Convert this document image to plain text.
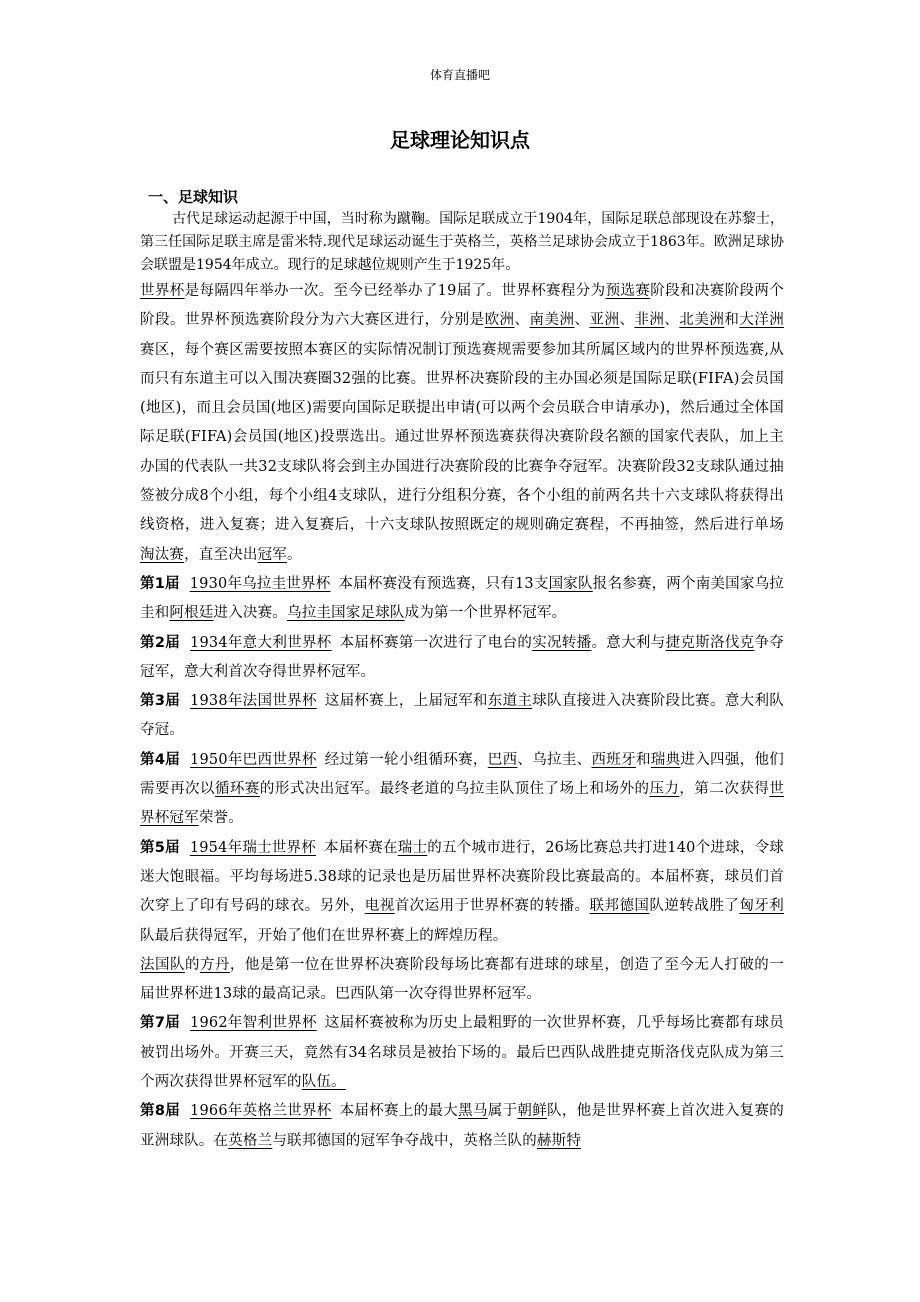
体育直播吧
足球理论知识点
一、足球知识

古代足球运动起源于中国，当时称为蹴鞠。国际足联成立于1904年，国际足联总部现设在苏黎士，第三任国际足联主席是雷米特.现代足球运动诞生于英格兰，英格兰足球协会成立于1863年。欧洲足球协会联盟是1954年成立。现行的足球越位规则产生于1925年。

世界杯是每隔四年举办一次。至今已经举办了19届了。世界杯赛程分为预选赛阶段和决赛阶段两个阶段。世界杯预选赛阶段分为六大赛区进行，分别是欧洲、南美洲、亚洲、非洲、北美洲和大洋洲赛区，每个赛区需要按照本赛区的实际情况制订预选赛规需要参加其所属区域内的世界杯预选赛,从而只有东道主可以入围决赛圈32强的比赛。世界杯决赛阶段的主办国必须是国际足联(FIFA)会员国(地区)，而且会员国(地区)需要向国际足联提出申请(可以两个会员联合申请承办)，然后通过全体国际足联(FIFA)会员国(地区)投票选出。通过世界杯预选赛获得决赛阶段名额的国家代表队，加上主办国的代表队一共32支球队将会到主办国进行决赛阶段的比赛争夺冠军。决赛阶段32支球队通过抽签被分成8个小组，每个小组4支球队，进行分组积分赛，各个小组的前两名共十六支球队将获得出线资格，进入复赛；进入复赛后，十六支球队按照既定的规则确定赛程，不再抽签，然后进行单场淘汰赛，直至决出冠军。

第1届 1930年乌拉圭世界杯 本届杯赛没有预选赛，只有13支国家队报名参赛，两个南美国家乌拉圭和阿根廷进入决赛。乌拉圭国家足球队成为第一个世界杯冠军。

第2届 1934年意大利世界杯 本届杯赛第一次进行了电台的实况转播。意大利与捷克斯洛伐克争夺冠军，意大利首次夺得世界杯冠军。

第3届 1938年法国世界杯 这届杯赛上，上届冠军和东道主球队直接进入决赛阶段比赛。意大利队夺冠。

第4届 1950年巴西世界杯 经过第一轮小组循环赛，巴西、乌拉圭、西班牙和瑞典进入四强，他们需要再次以循环赛的形式决出冠军。最终老道的乌拉圭队顶住了场上和场外的压力，第二次获得世界杯冠军荣誉。

第5届 1954年瑞士世界杯 本届杯赛在瑞士的五个城市进行，26场比赛总共打进140个进球，令球迷大饱眼福。平均每场进5.38球的记录也是历届世界杯决赛阶段比赛最高的。本届杯赛，球员们首次穿上了印有号码的球衣。另外，电视首次运用于世界杯赛的转播。联邦德国队逆转战胜了匈牙利队最后获得冠军，开始了他们在世界杯赛上的辉煌历程。

法国队的方丹，他是第一位在世界杯决赛阶段每场比赛都有进球的球星，创造了至今无人打破的一届世界杯进13球的最高记录。巴西队第一次夺得世界杯冠军。

第7届 1962年智利世界杯 这届杯赛被称为历史上最粗野的一次世界杯赛，几乎每场比赛都有球员被罚出场外。开赛三天，竟然有34名球员是被抬下场的。最后巴西队战胜捷克斯洛伐克队成为第三个两次获得世界杯冠军的队伍。

第8届 1966年英格兰世界杯 本届杯赛上的最大黑马属于朝鲜队，他是世界杯赛上首次进入复赛的亚洲球队。在英格兰与联邦德国的冠军争夺战中，英格兰队的赫斯特
